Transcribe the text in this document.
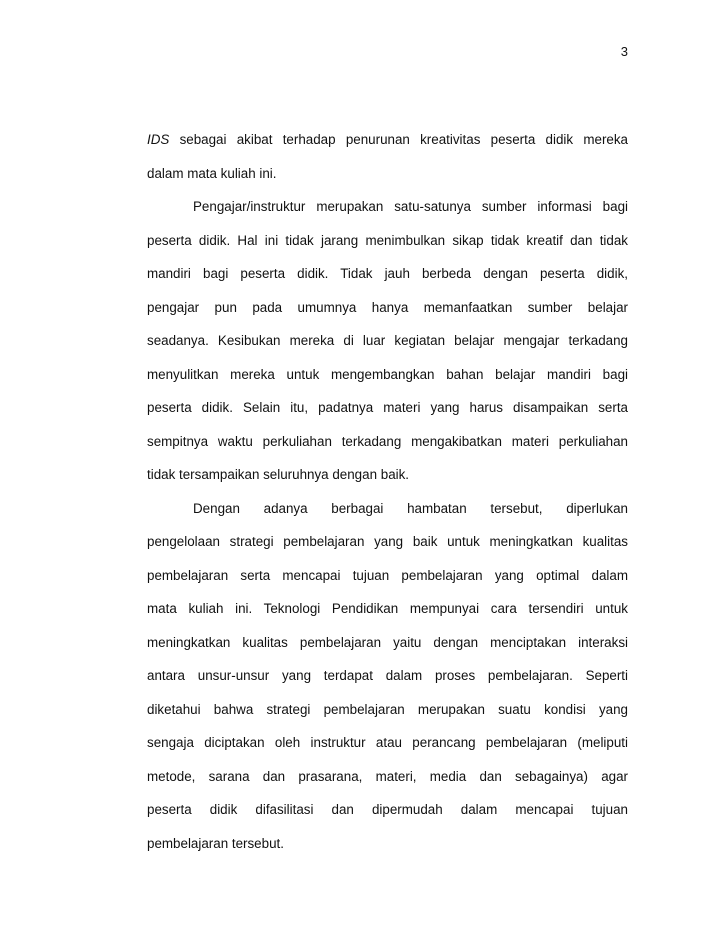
3
IDS sebagai akibat terhadap penurunan kreativitas peserta didik mereka
dalam mata kuliah ini.
Pengajar/instruktur merupakan satu-satunya sumber informasi bagi
peserta didik. Hal ini tidak jarang menimbulkan sikap tidak kreatif dan tidak
mandiri bagi peserta didik. Tidak jauh berbeda dengan peserta didik,
pengajar pun pada umumnya hanya memanfaatkan sumber belajar
seadanya. Kesibukan mereka di luar kegiatan belajar mengajar terkadang
menyulitkan mereka untuk mengembangkan bahan belajar mandiri bagi
peserta didik. Selain itu, padatnya materi yang harus disampaikan serta
sempitnya waktu perkuliahan terkadang mengakibatkan materi perkuliahan
tidak tersampaikan seluruhnya dengan baik.
Dengan adanya berbagai hambatan tersebut, diperlukan
pengelolaan strategi pembelajaran yang baik untuk meningkatkan kualitas
pembelajaran serta mencapai tujuan pembelajaran yang optimal dalam
mata kuliah ini. Teknologi Pendidikan mempunyai cara tersendiri untuk
meningkatkan kualitas pembelajaran yaitu dengan menciptakan interaksi
antara unsur-unsur yang terdapat dalam proses pembelajaran. Seperti
diketahui bahwa strategi pembelajaran merupakan suatu kondisi yang
sengaja diciptakan oleh instruktur atau perancang pembelajaran (meliputi
metode, sarana dan prasarana, materi, media dan sebagainya) agar
peserta didik difasilitasi dan dipermudah dalam mencapai tujuan
pembelajaran tersebut.
